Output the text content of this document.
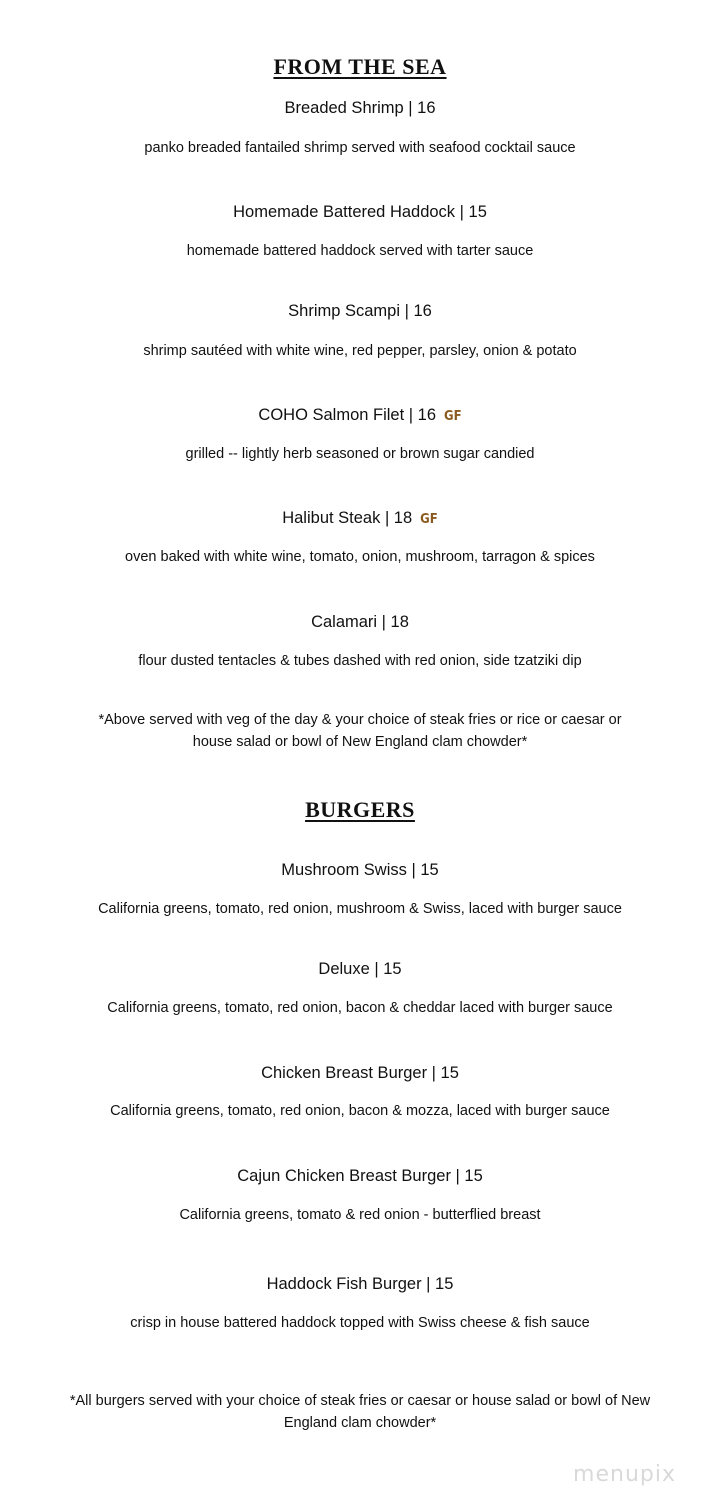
FROM THE SEA
Breaded Shrimp | 16
panko breaded fantailed shrimp served with seafood cocktail sauce
Homemade Battered Haddock | 15
homemade battered haddock served with tarter sauce
Shrimp Scampi | 16
shrimp sautéed with white wine, red pepper, parsley, onion & potato
COHO Salmon Filet | 16 GF
grilled -- lightly herb seasoned or brown sugar candied
Halibut Steak | 18 GF
oven baked with white wine, tomato, onion, mushroom, tarragon & spices
Calamari | 18
flour dusted tentacles & tubes dashed with red onion, side tzatziki dip
*Above served with veg of the day & your choice of steak fries or rice or caesar or house salad or bowl of New England clam chowder*
BURGERS
Mushroom Swiss | 15
California greens, tomato, red onion, mushroom & Swiss, laced with burger sauce
Deluxe | 15
California greens, tomato, red onion, bacon & cheddar laced with burger sauce
Chicken Breast Burger | 15
California greens, tomato, red onion, bacon & mozza, laced with burger sauce
Cajun Chicken Breast Burger | 15
California greens, tomato & red onion - butterflied breast
Haddock Fish Burger | 15
crisp in house battered haddock topped with Swiss cheese & fish sauce
*All burgers served with your choice of steak fries or caesar or house salad or bowl of New England clam chowder*
menupix
